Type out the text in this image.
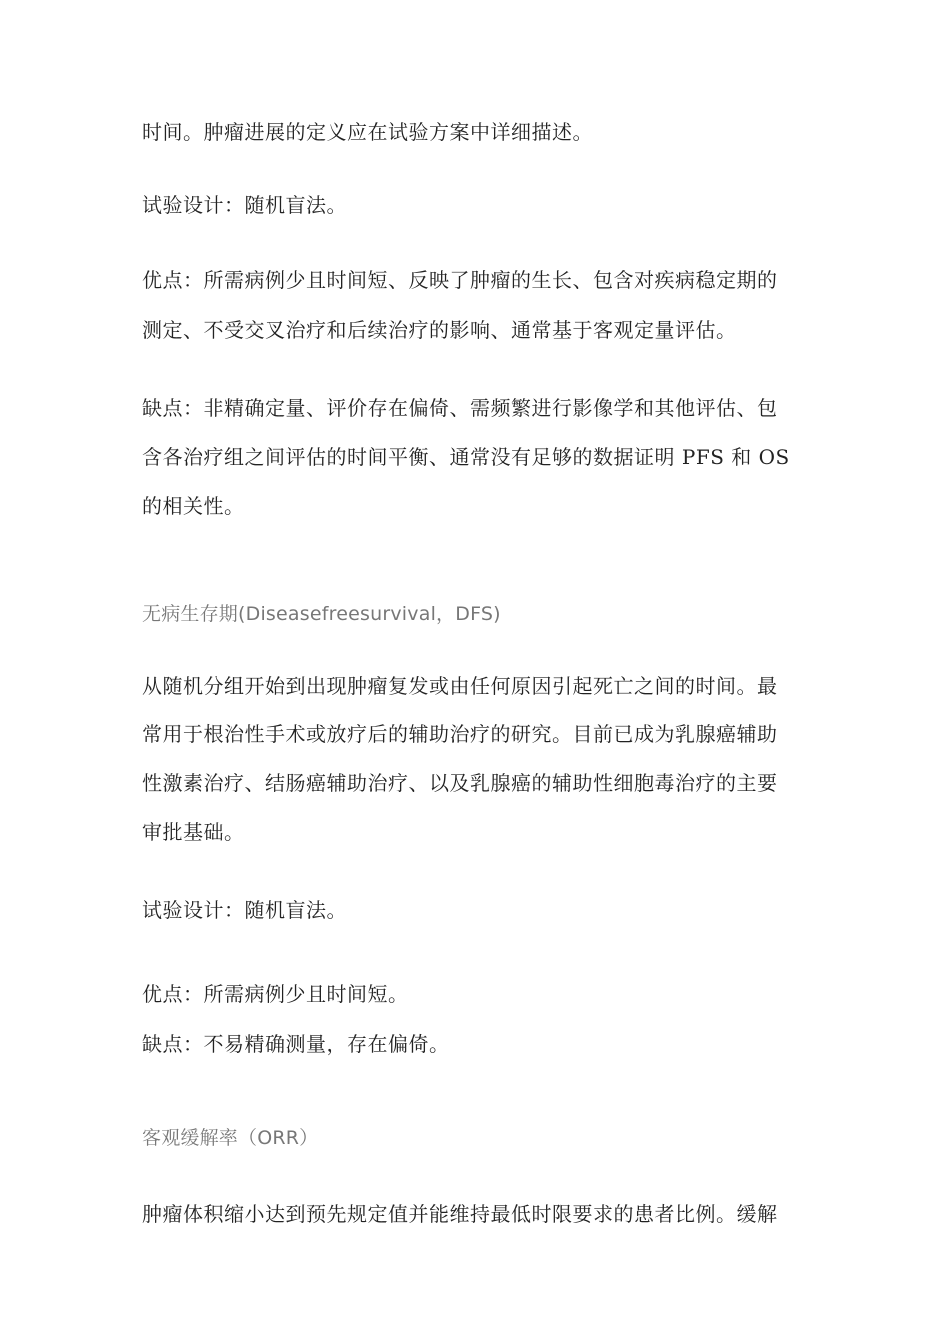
时间。肿瘤进展的定义应在试验方案中详细描述。
试验设计：随机盲法。
优点：所需病例少且时间短、反映了肿瘤的生长、包含对疾病稳定期的
测定、不受交叉治疗和后续治疗的影响、通常基于客观定量评估。
缺点：非精确定量、评价存在偏倚、需频繁进行影像学和其他评估、包
含各治疗组之间评估的时间平衡、通常没有足够的数据证明 PFS 和 OS
的相关性。
无病生存期(Diseasefreesurvival，DFS)
从随机分组开始到出现肿瘤复发或由任何原因引起死亡之间的时间。最
常用于根治性手术或放疗后的辅助治疗的研究。目前已成为乳腺癌辅助
性激素治疗、结肠癌辅助治疗、以及乳腺癌的辅助性细胞毒治疗的主要
审批基础。
试验设计：随机盲法。
优点：所需病例少且时间短。
缺点：不易精确测量，存在偏倚。
客观缓解率（ORR）
肿瘤体积缩小达到预先规定值并能维持最低时限要求的患者比例。缓解
